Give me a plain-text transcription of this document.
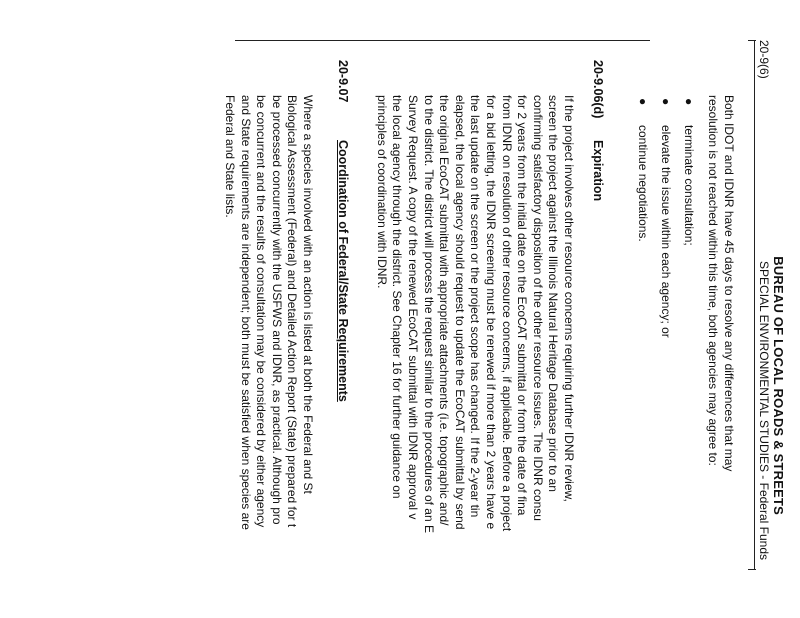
BUREAU OF LOCAL ROADS & STREETS
20-9(6)
SPECIAL ENVIRONMENTAL STUDIES - Federal Funds
Both IDOT and IDNR have 45 days to resolve any differences that may
resolution is not reached within this time, both agencies may agree to:
●
terminate consultation;
●
elevate the issue within each agency; or
●
continue negotiations.
20-9.06(d)
Expiration
If the project involves other resource concerns requiring further IDNR review,
screen the project against the Illinois Natural Heritage Database prior to an
confirming satisfactory disposition of the other resource issues. The IDNR consu
for 2 years from the initial date on the EcoCAT submittal or from the date of fina
from IDNR on resolution of other resource concerns, if applicable. Before a project
for a bid letting, the IDNR screening must be renewed if more than 2 years have e
the last update on the screen or the project scope has changed. If the 2-year tin
elapsed, the local agency should request to update the EcoCAT submittal by send
the original EcoCAT submittal with appropriate attachments (i.e. topographic and/
to the district. The district will process the request similar to the procedures of an E
Survey Request. A copy of the renewed EcoCAT submittal with IDNR approval v
the local agency through the district. See Chapter 16 for further guidance on
principles of coordination with IDNR.
20-9.07
Coordination of Federal/State Requirements
Where a species involved with an action is listed at both the Federal and St
Biological Assessment (Federal) and Detailed Action Report (State) prepared for t
be processed concurrently with the USFWS and IDNR, as practical. Although pro
be concurrent and the results of consultation may be considered by either agency
and State requirements are independent; both must be satisfied when species are
Federal and State lists.
